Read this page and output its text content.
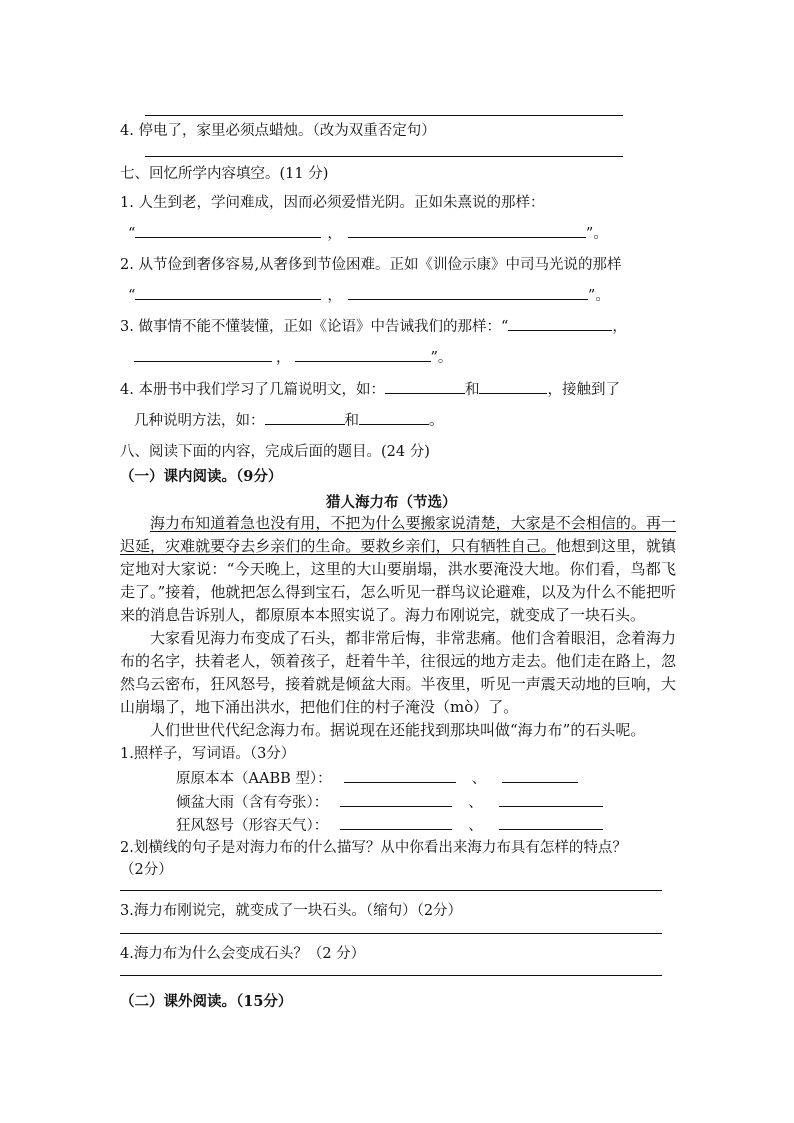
4. 停电了，家里必须点蜡烛。（改为双重否定句）
七、回忆所学内容填空。(11 分)
1. 人生到老，学问难成，因而必须爱惜光阴。正如朱熹说的那样：
“	，	”。
2. 从节俭到奢侈容易,从奢侈到节俭困难。正如《训俭示康》中司马光说的那样
“	，	”。
3. 做事情不能不懂装懂，正如《论语》中告诫我们的那样：“	，
，	”。
4. 本册书中我们学习了几篇说明文，如：	和	，接触到了
几种说明方法，如：	和	。
八、阅读下面的内容，完成后面的题目。(24 分)
（一）课内阅读。（9分）
猎人海力布（节选）

海力布知道着急也没有用，不把为什么要搬家说清楚，大家是不会相信的。再一迟延，灾难就要夺去乡亲们的生命。要救乡亲们，只有牺牲自己。他想到这里，就镇定地对大家说：“今天晚上，这里的大山要崩塌，洪水要淹没大地。你们看，鸟都飞走了。”接着，他就把怎么得到宝石，怎么听见一群鸟议论避难，以及为什么不能把听来的消息告诉别人，都原原本本照实说了。海力布刚说完，就变成了一块石头。

大家看见海力布变成了石头，都非常后悔，非常悲痛。他们含着眼泪，念着海力布的名字，扶着老人，领着孩子，赶着牛羊，往很远的地方走去。他们走在路上，忽然乌云密布，狂风怒号，接着就是倾盆大雨。半夜里，听见一声震天动地的巨响，大山崩塌了，地下涌出洪水，把他们住的村子淹没（mò）了。

人们世世代代纪念海力布。据说现在还能找到那块叫做“海力布”的石头呢。

1.照样子，写词语。（3分）
原原本本（AABB 型）：	、
倾盆大雨（含有夸张）：	、
狂风怒号（形容天气）：	、
2.划横线的句子是对海力布的什么描写？从中你看出来海力布具有怎样的特点？
（2分）
3.海力布刚说完，就变成了一块石头。（缩句）（2分）
4.海力布为什么会变成石头？（2 分）
（二）课外阅读。（15分）
